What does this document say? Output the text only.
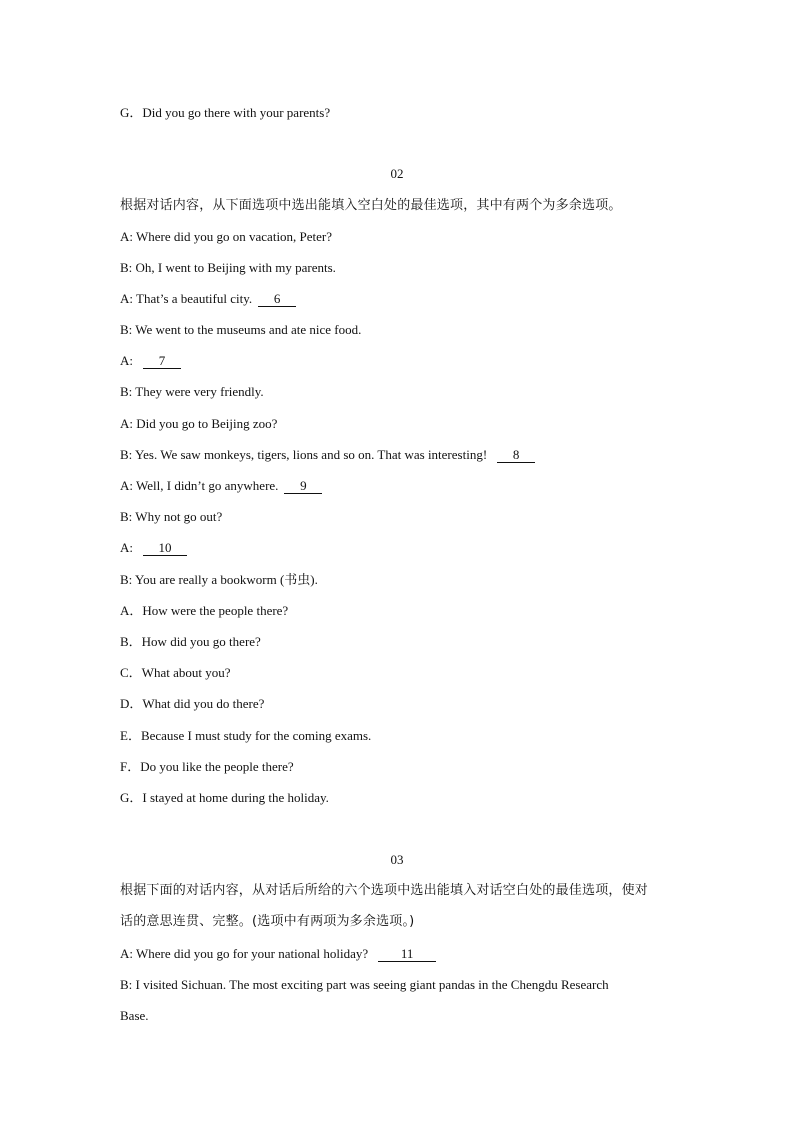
G．Did you go there with your parents?
02
根据对话内容，从下面选项中选出能填入空白处的最佳选项，其中有两个为多余选项。
A: Where did you go on vacation, Peter?
B: Oh, I went to Beijing with my parents.
A: That’s a beautiful city. 6
B: We went to the museums and ate nice food.
A: 7
B: They were very friendly.
A: Did you go to Beijing zoo?
B: Yes. We saw monkeys, tigers, lions and so on. That was interesting! 8
A: Well, I didn’t go anywhere. 9
B: Why not go out?
A: 10
B: You are really a bookworm (书虫).
A．How were the people there?
B．How did you go there?
C．What about you?
D．What did you do there?
E．Because I must study for the coming exams.
F．Do you like the people there?
G．I stayed at home during the holiday.
03
根据下面的对话内容，从对话后所给的六个选项中选出能填入对话空白处的最佳选项，使对
话的意思连贯、完整。(选项中有两项为多余选项。)
A: Where did you go for your national holiday?	11
B: I visited Sichuan. The most exciting part was seeing giant pandas in the Chengdu Research
Base.
